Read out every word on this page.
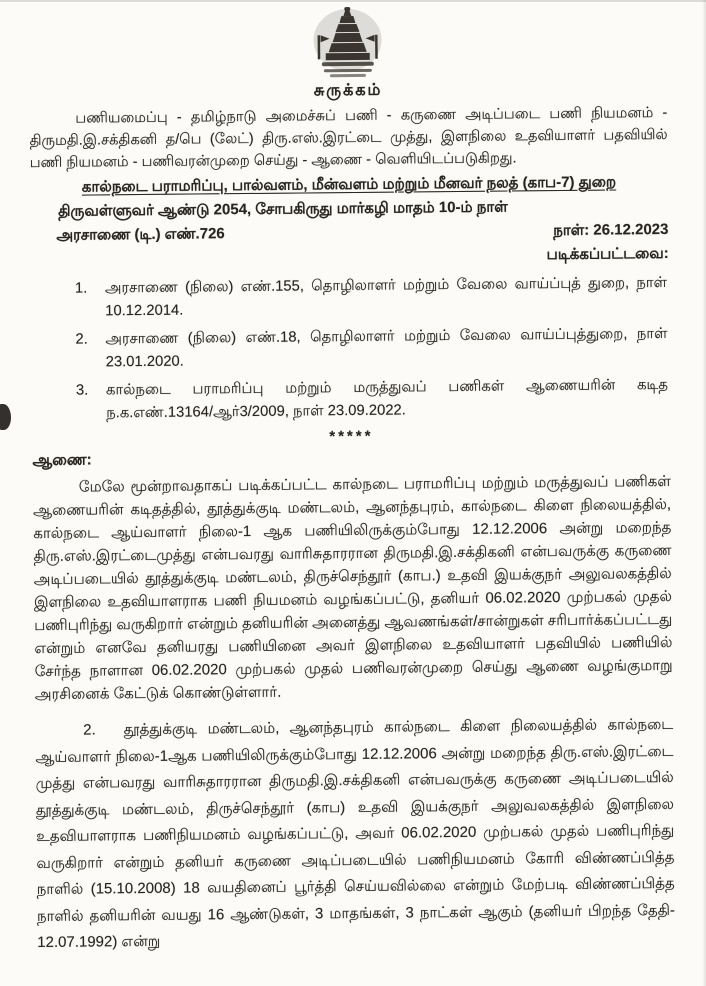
சுருக்கம்

பணியமைப்பு - தமிழ்நாடு அமைச்சுப் பணி - கருணை அடிப்படை பணி நியமனம் - திருமதி.இ.சக்திகனி த/பெ (லேட்) திரு.எஸ்.இரட்டை முத்து, இளநிலை உதவியாளர் பதவியில் பணி நியமனம் - பணிவரன்முறை செய்து - ஆணை - வெளியிடப்படுகிறது.

கால்நடை பராமரிப்பு, பால்வளம், மீன்வளம் மற்றும் மீனவர் நலத் (காப-7) துறை
திருவள்ளுவர் ஆண்டு 2054, சோபகிருது மார்கழி மாதம் 10-ம் நாள்
அரசாணை (டி.) எண்.726	நாள்: 26.12.2023
படிக்கப்பட்டவை:
1.	அரசாணை (நிலை) எண்.155, தொழிலாளர் மற்றும் வேலை வாய்ப்புத் துறை, நாள் 10.12.2014.
2.	அரசாணை (நிலை) எண்.18, தொழிலாளர் மற்றும் வேலை வாய்ப்புத்துறை, நாள் 23.01.2020.
3.	கால்நடை பராமரிப்பு மற்றும் மருத்துவப் பணிகள் ஆணையரின் கடித ந.க.எண்.13164/ஆர்3/2009, நாள் 23.09.2022.
*****
ஆணை:

மேலே மூன்றாவதாகப் படிக்கப்பட்ட கால்நடை பராமரிப்பு மற்றும் மருத்துவப் பணிகள் ஆணையரின் கடிதத்தில், தூத்துக்குடி மண்டலம், ஆனந்தபுரம், கால்நடை கிளை நிலையத்தில், கால்நடை ஆய்வாளர் நிலை-1 ஆக பணியிலிருக்கும்போது 12.12.2006 அன்று மறைந்த திரு.எஸ்.இரட்டைமுத்து என்பவரது வாரிசுதாரரான திருமதி.இ.சக்திகனி என்பவருக்கு கருணை அடிப்படையில் தூத்துக்குடி மண்டலம், திருச்செந்தூர் (காப.) உதவி இயக்குநர் அலுவலகத்தில் இளநிலை உதவியாளராக பணி நியமனம் வழங்கப்பட்டு, தனியர் 06.02.2020 முற்பகல் முதல் பணிபுரிந்து வருகிறார் என்றும் தனியரின் அனைத்து ஆவணங்கள்/சான்றுகள் சரிபார்க்கப்பட்டது என்றும் எனவே தனியரது பணியினை அவர் இளநிலை உதவியாளர் பதவியில் பணியில் சேர்ந்த நாளான 06.02.2020 முற்பகல் முதல் பணிவரன்முறை செய்து ஆணை வழங்குமாறு அரசினைக் கேட்டுக் கொண்டுள்ளார்.

2. தூத்துக்குடி மண்டலம், ஆனந்தபுரம் கால்நடை கிளை நிலையத்தில் கால்நடை ஆய்வாளர் நிலை-1ஆக பணியிலிருக்கும்போது 12.12.2006 அன்று மறைந்த திரு.எஸ்.இரட்டை முத்து என்பவரது வாரிசுதாரரான திருமதி.இ.சக்திகனி என்பவருக்கு கருணை அடிப்படையில் தூத்துக்குடி மண்டலம், திருச்செந்தூர் (காப) உதவி இயக்குநர் அலுவலகத்தில் இளநிலை உதவியாளராக பணிநியமனம் வழங்கப்பட்டு, அவர் 06.02.2020 முற்பகல் முதல் பணிபுரிந்து வருகிறார் என்றும் தனியர் கருணை அடிப்படையில் பணிநியமனம் கோரி விண்ணப்பித்த நாளில் (15.10.2008) 18 வயதினைப் பூர்த்தி செய்யவில்லை என்றும் மேற்படி விண்ணப்பித்த நாளில் தனியரின் வயது 16 ஆண்டுகள், 3 மாதங்கள், 3 நாட்கள் ஆகும் (தனியர் பிறந்த தேதி- 12.07.1992) என்று
